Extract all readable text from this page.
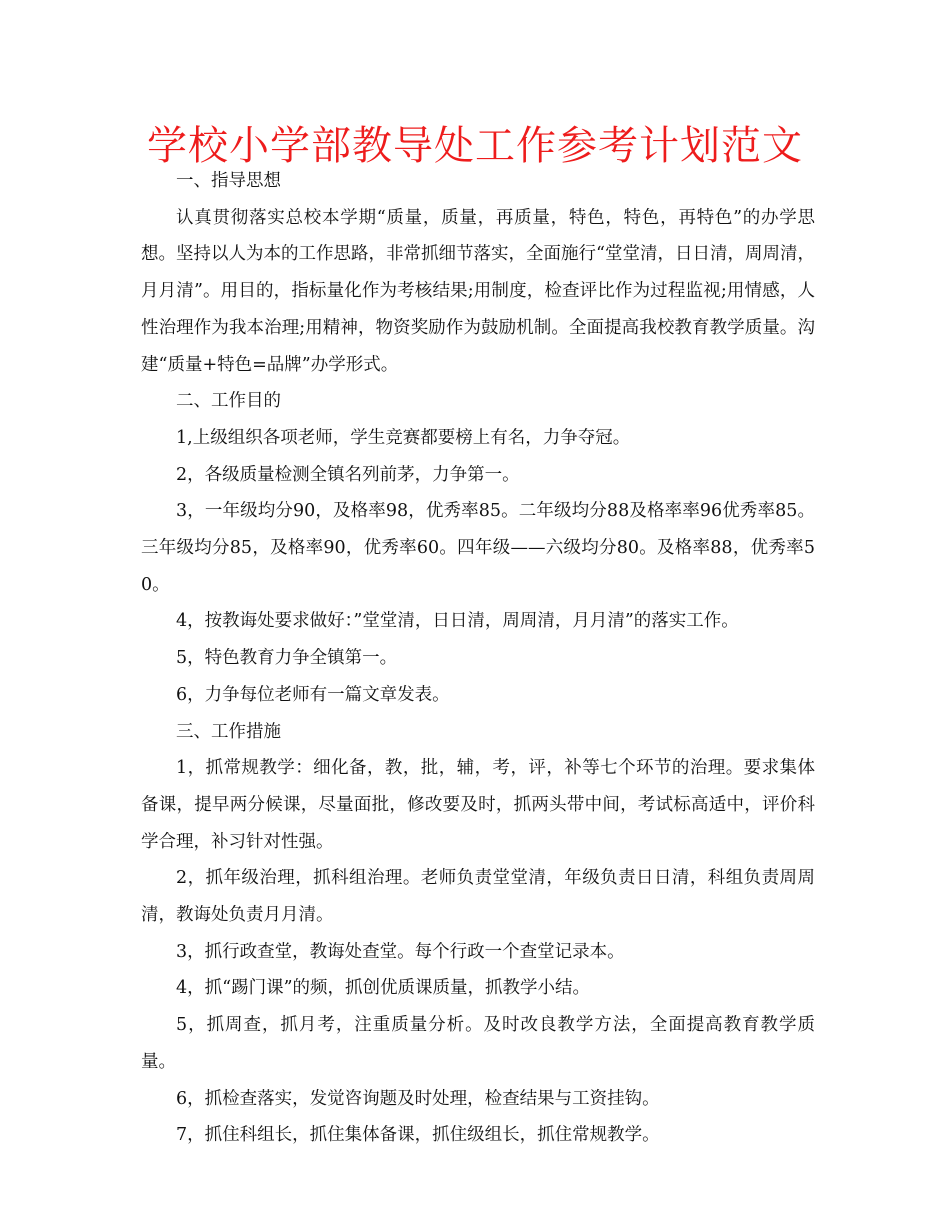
学校小学部教导处工作参考计划范文

一、指导思想

认真贯彻落实总校本学期“质量，质量，再质量，特色，特色，再特色”的办学思想。坚持以人为本的工作思路，非常抓细节落实，全面施行“堂堂清，日日清，周周清，月月清”。用目的，指标量化作为考核结果;用制度，检查评比作为过程监视;用情感，人性治理作为我本治理;用精神，物资奖励作为鼓励机制。全面提高我校教育教学质量。沟建“质量+特色=品牌”办学形式。

二、工作目的

1,上级组织各项老师，学生竞赛都要榜上有名，力争夺冠。

2，各级质量检测全镇名列前茅，力争第一。

3，一年级均分90，及格率98，优秀率85。二年级均分88及格率率96优秀率85。三年级均分85，及格率90，优秀率60。四年级——六级均分80。及格率88，优秀率50。

4，按教诲处要求做好：”堂堂清，日日清，周周清，月月清”的落实工作。

5，特色教育力争全镇第一。

6，力争每位老师有一篇文章发表。

三、工作措施

1，抓常规教学：细化备，教，批，辅，考，评，补等七个环节的治理。要求集体备课，提早两分候课，尽量面批，修改要及时，抓两头带中间，考试标高适中，评价科学合理，补习针对性强。

2，抓年级治理，抓科组治理。老师负责堂堂清，年级负责日日清，科组负责周周清，教诲处负责月月清。

3，抓行政查堂，教诲处查堂。每个行政一个查堂记录本。

4，抓“踢门课”的频，抓创优质课质量，抓教学小结。

5，抓周查，抓月考，注重质量分析。及时改良教学方法，全面提高教育教学质量。

6，抓检查落实，发觉咨询题及时处理，检查结果与工资挂钩。

7，抓住科组长，抓住集体备课，抓住级组长，抓住常规教学。
